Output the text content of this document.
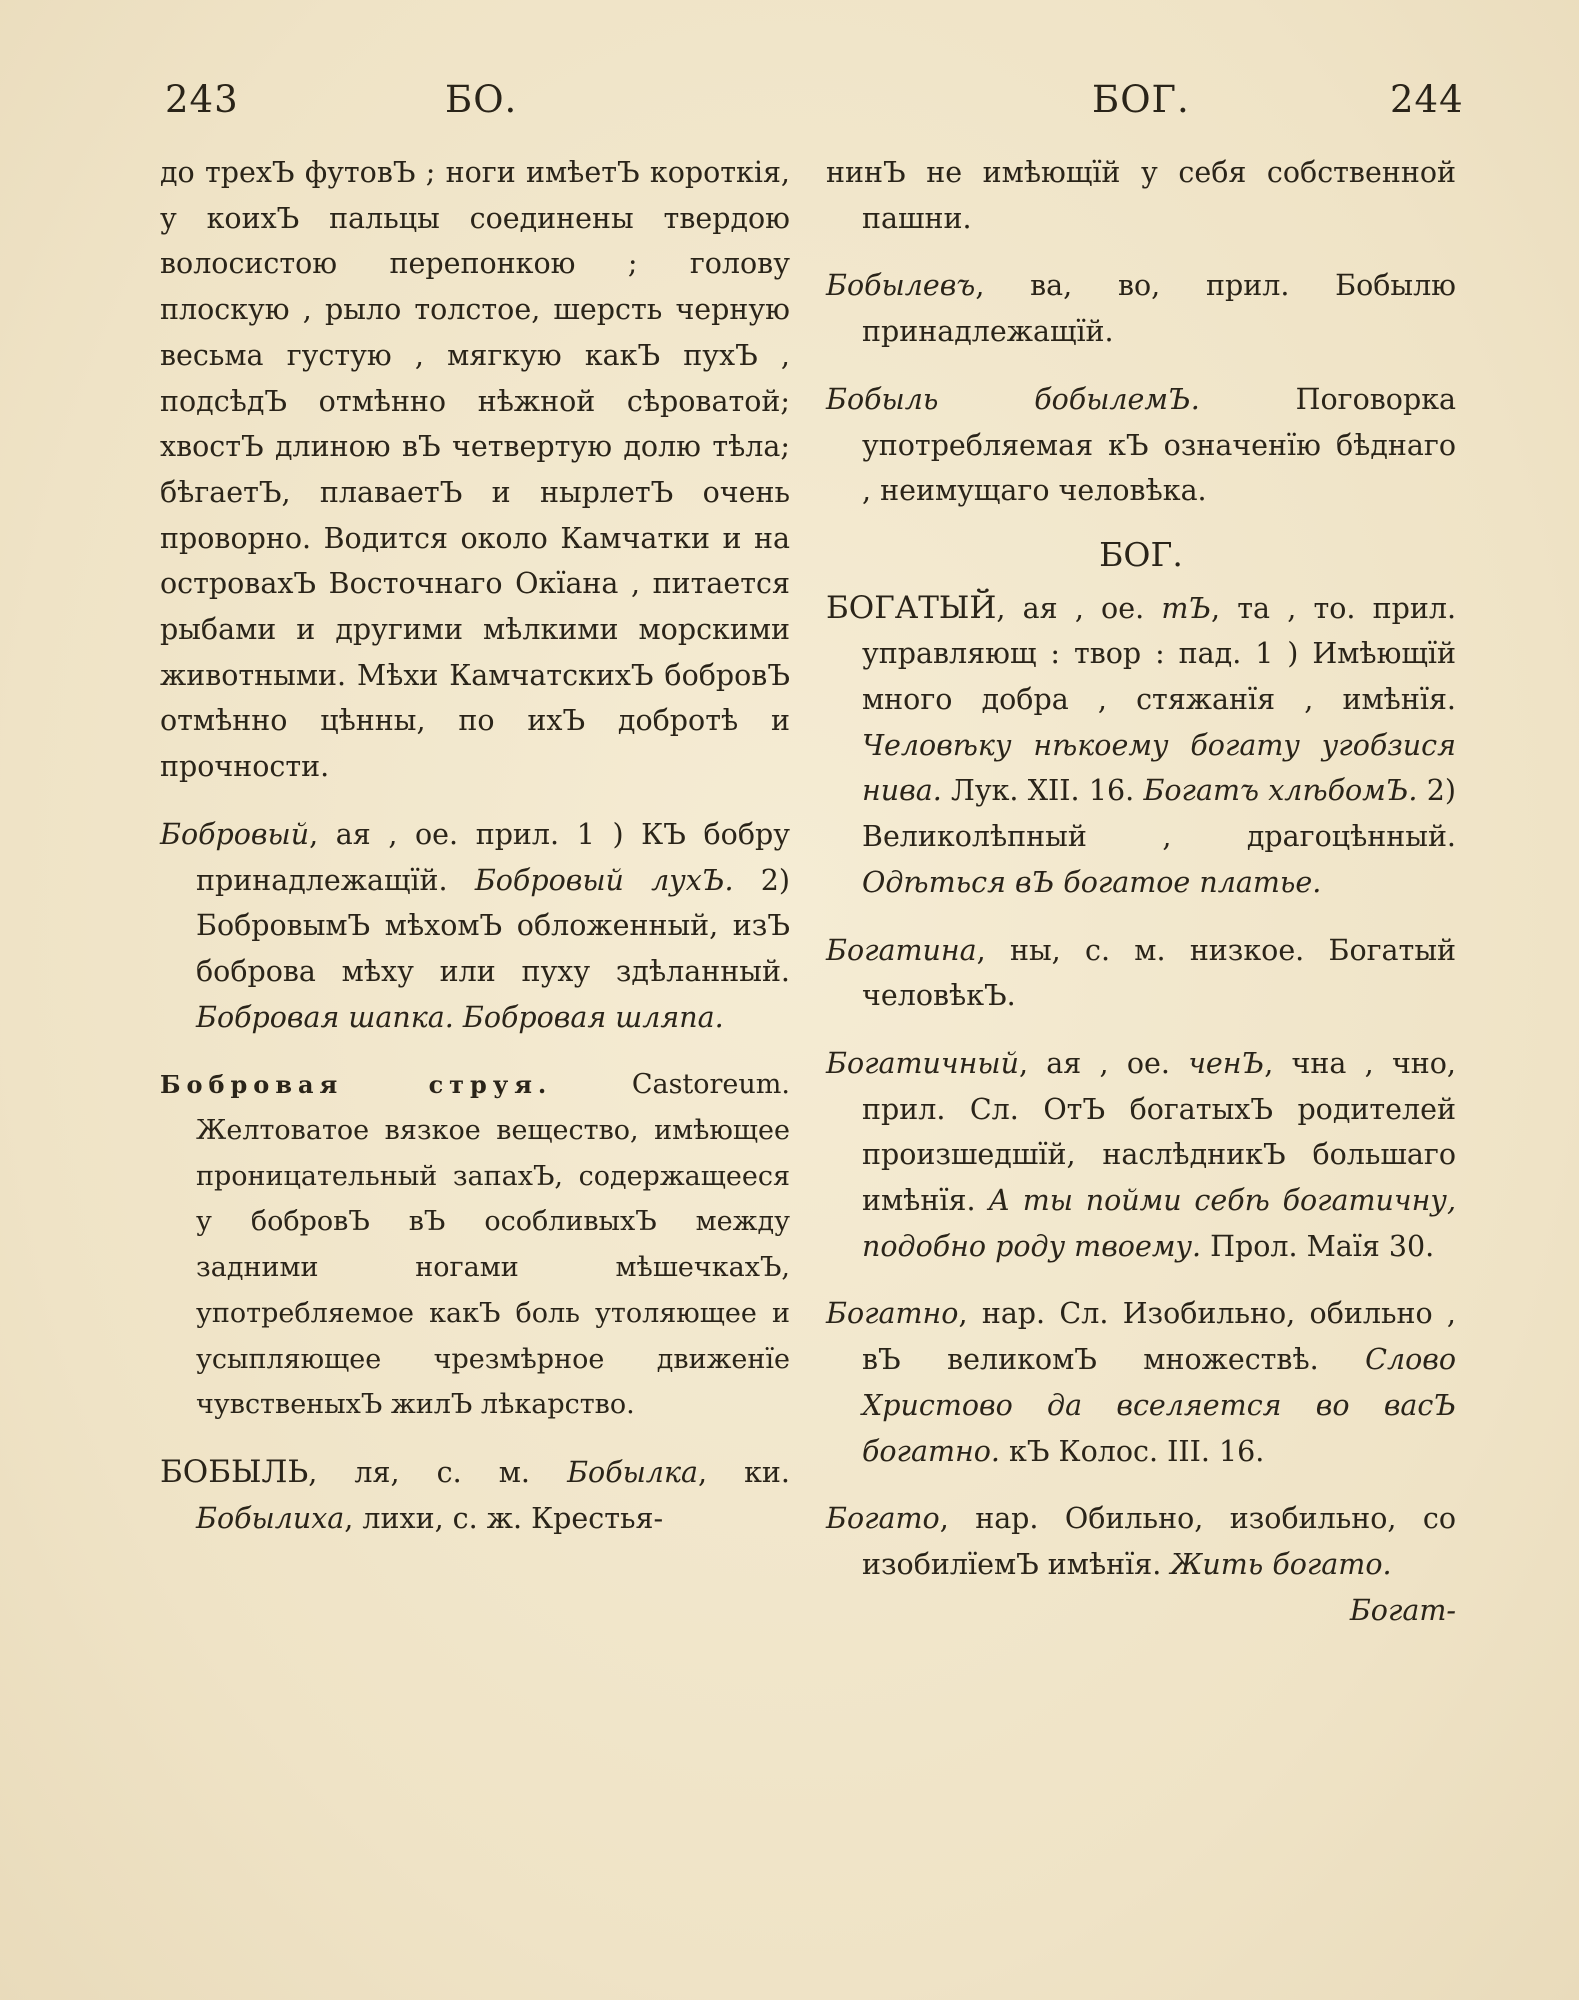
243	БО.	БОГ.	244

до трехЪ футовЪ ; ноги имѣетЪ короткія, у коихЪ пальцы соединены твердою волосистою перепонкою ; голову плоскую , рыло толстое, шерсть черную весьма густую , мягкую какЪ пухЪ , подсѣдЪ отмѣнно нѣжной сѣроватой; хвостЪ длиною вЪ четвертую долю тѣла; бѣгаетЪ, плаваетЪ и нырлетЪ очень проворно. Водится около Камчатки и на островахЪ Восточнаго Окїана , питается рыбами и другими мѣлкими морскими животными. Мѣхи КамчатскихЪ бобровЪ отмѣнно цѣнны, по ихЪ добротѣ и прочности.

Бобровый, ая , ое. прил. 1 ) КЪ бобру принадлежащїй. Бобровый лухЪ. 2) БобровымЪ мѣхомЪ обложенный, изЪ боброва мѣху или пуху здѣланный. Бобровая шапка. Бобровая шляпа.

Бобровая струя.	Castoreum. Желтоватое вязкое вещество, имѣющее проницательный запахЪ, содержащееся у бобровЪ вЪ особливыхЪ между задними ногами мѣшечкахЪ, употребляемое какЪ боль утоляющее и усыпляющее чрезмѣрное движенїе чувственыхЪ жилЪ лѣкарство.

БОБЫЛЬ, ля, с. м. Бобылка, ки. Бобылиха, лихи, с. ж. Крестья-

нинЪ не имѣющїй у себя собственной пашни.

Бобылевъ, ва, во, прил. Бобылю принадлежащїй.

Бобыль бобылемЪ.	Поговорка употребляемая кЪ означенїю бѣднаго , неимущаго человѣка.

БОГ.

БОГАТЫЙ, ая , ое. тЪ, та , то. прил. управляющ : твор : пад. 1 ) Имѣющїй много добра , стяжанїя , имѣнїя. Человѣку нѣкоему богату угобзися нива. Лук. XII. 16. Богатъ хлѣбомЪ. 2) Великолѣпный , драгоцѣнный. Одѣться вЪ богатое платье.

Богатина, ны, с. м. низкое. Богатый человѣкЪ.

Богатичный, ая , ое. ченЪ, чна , чно, прил. Сл. ОтЪ богатыхЪ родителей произшедшїй, наслѣдникЪ большаго имѣнїя. А ты пойми себѣ богатичну, подобно роду твоему. Прол. Маїя 30.

Богатно, нар. Сл. Изобильно, обильно , вЪ великомЪ множествѣ. Слово Христово да вселяется во васЪ богатно. кЪ Колос. III. 16.

Богато, нар. Обильно, изобильно, со изобилїемЪ имѣнїя. Жить богато.

Богат-
